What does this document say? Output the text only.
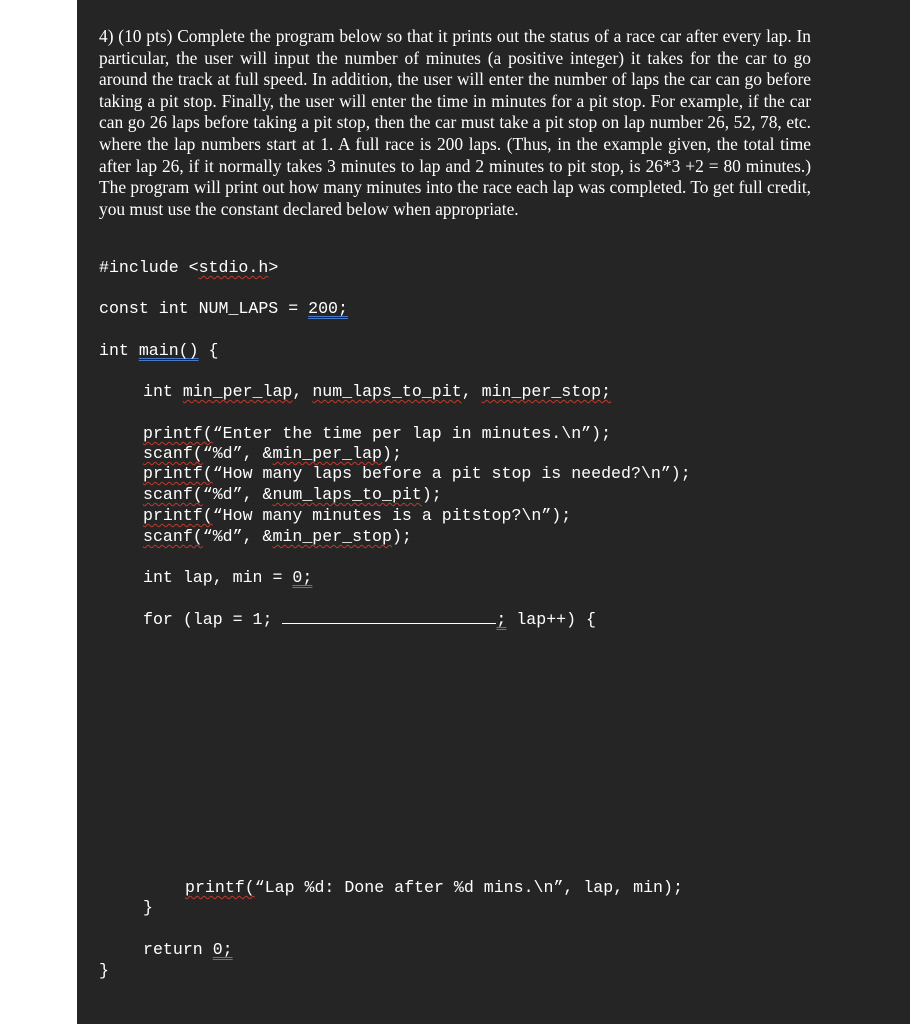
4) (10 pts) Complete the program below so that it prints out the status of a race car after every lap. In particular, the user will input the number of minutes (a positive integer) it takes for the car to go around the track at full speed. In addition, the user will enter the number of laps the car can go before taking a pit stop. Finally, the user will enter the time in minutes for a pit stop. For example, if the car can go 26 laps before taking a pit stop, then the car must take a pit stop on lap number 26, 52, 78, etc. where the lap numbers start at 1. A full race is 200 laps. (Thus, in the example given, the total time after lap 26, if it normally takes 3 minutes to lap and 2 minutes to pit stop, is 26*3 +2 = 80 minutes.) The program will print out how many minutes into the race each lap was completed. To get full credit, you must use the constant declared below when appropriate.

#include <stdio.h>
const int NUM_LAPS = 200;
int main() {
int min_per_lap, num_laps_to_pit, min_per_stop;
printf(“Enter the time per lap in minutes.\n”);
scanf(“%d”, &min_per_lap);
printf(“How many laps before a pit stop is needed?\n”);
scanf(“%d”, &num_laps_to_pit);
printf(“How many minutes is a pitstop?\n”);
scanf(“%d”, &min_per_stop);
int lap, min = 0;
for (lap = 1;	; lap++) {
printf(“Lap %d: Done after %d mins.\n”, lap, min);
}
return 0;
}
